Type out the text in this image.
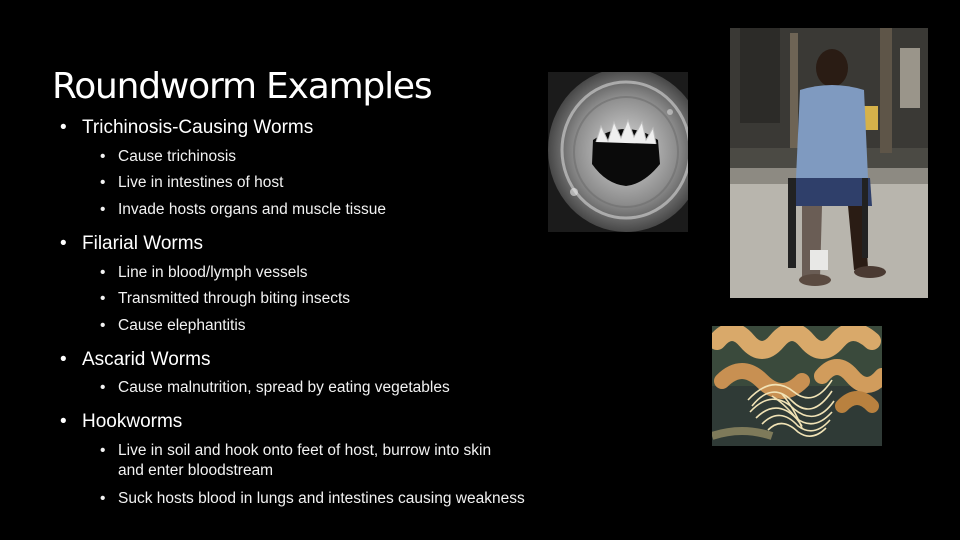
Roundworm Examples
• Trichinosis-Causing Worms
• Cause trichinosis
• Live in intestines of host
• Invade hosts organs and muscle tissue
• Filarial Worms
• Line in blood/lymph vessels
• Transmitted through biting insects
• Cause elephantitis
• Ascarid Worms
• Cause malnutrition, spread by eating vegetables
• Hookworms
• Live in soil and hook onto feet of host, burrow into skin
and enter bloodstream
• Suck hosts blood in lungs and intestines causing weakness
